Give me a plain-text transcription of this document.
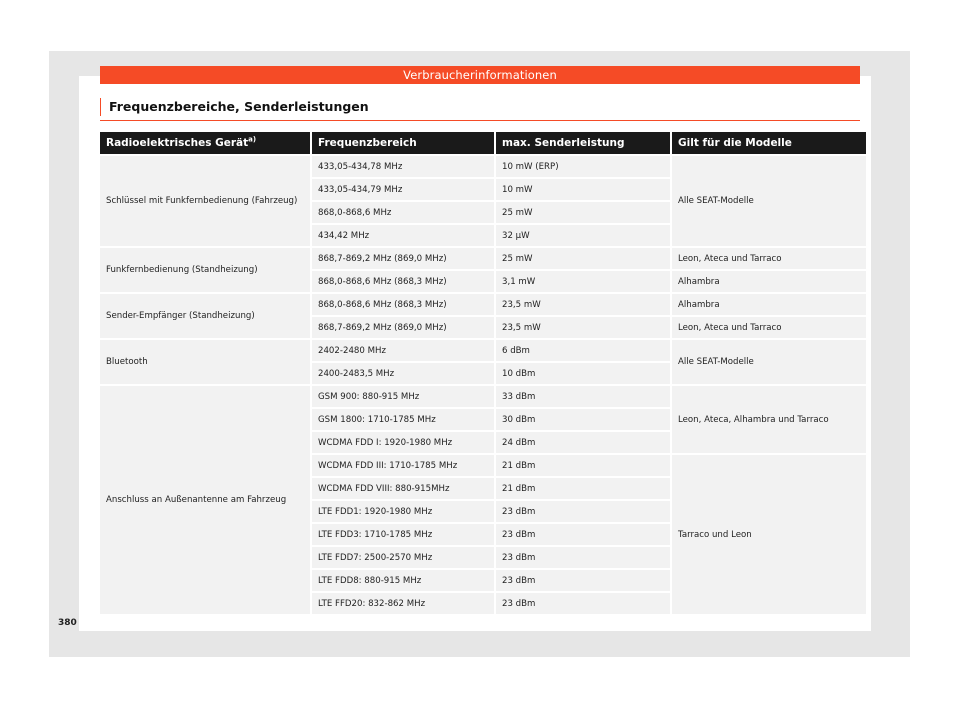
Verbraucherinformationen
Frequenzbereiche, Senderleistungen
Radioelektrisches Gerät$^{a)}$	Frequenzbereich	max. Senderleistung	Gilt für die Modelle
Schlüssel mit Funkfernbedienung (Fahrzeug)	433,05-434,78 MHz	10 mW (ERP)	Alle SEAT-Modelle
	433,05-434,79 MHz	10 mW	
	868,0-868,6 MHz	25 mW	
	434,42 MHz	32 μW	
Funkfernbedienung (Standheizung)	868,7-869,2 MHz (869,0 MHz)	25 mW	Leon, Ateca und Tarraco
	868,0-868,6 MHz (868,3 MHz)	3,1 mW	Alhambra
Sender-Empfänger (Standheizung)	868,0-868,6 MHz (868,3 MHz)	23,5 mW	Alhambra
	868,7-869,2 MHz (869,0 MHz)	23,5 mW	Leon, Ateca und Tarraco
Bluetooth	2402-2480 MHz	6 dBm	Alle SEAT-Modelle
	2400-2483,5 MHz	10 dBm	
Anschluss an Außenantenne am Fahrzeug	GSM 900: 880-915 MHz	33 dBm	Leon, Ateca, Alhambra und Tarraco
	GSM 1800: 1710-1785 MHz	30 dBm	
	WCDMA FDD I: 1920-1980 MHz	24 dBm	
	WCDMA FDD III: 1710-1785 MHz	21 dBm	Tarraco und Leon
	WCDMA FDD VIII: 880-915MHz	21 dBm	
	LTE FDD1: 1920-1980 MHz	23 dBm	
	LTE FDD3: 1710-1785 MHz	23 dBm	
	LTE FDD7: 2500-2570 MHz	23 dBm	
	LTE FDD8: 880-915 MHz	23 dBm	
	LTE FFD20: 832-862 MHz	23 dBm	
380
